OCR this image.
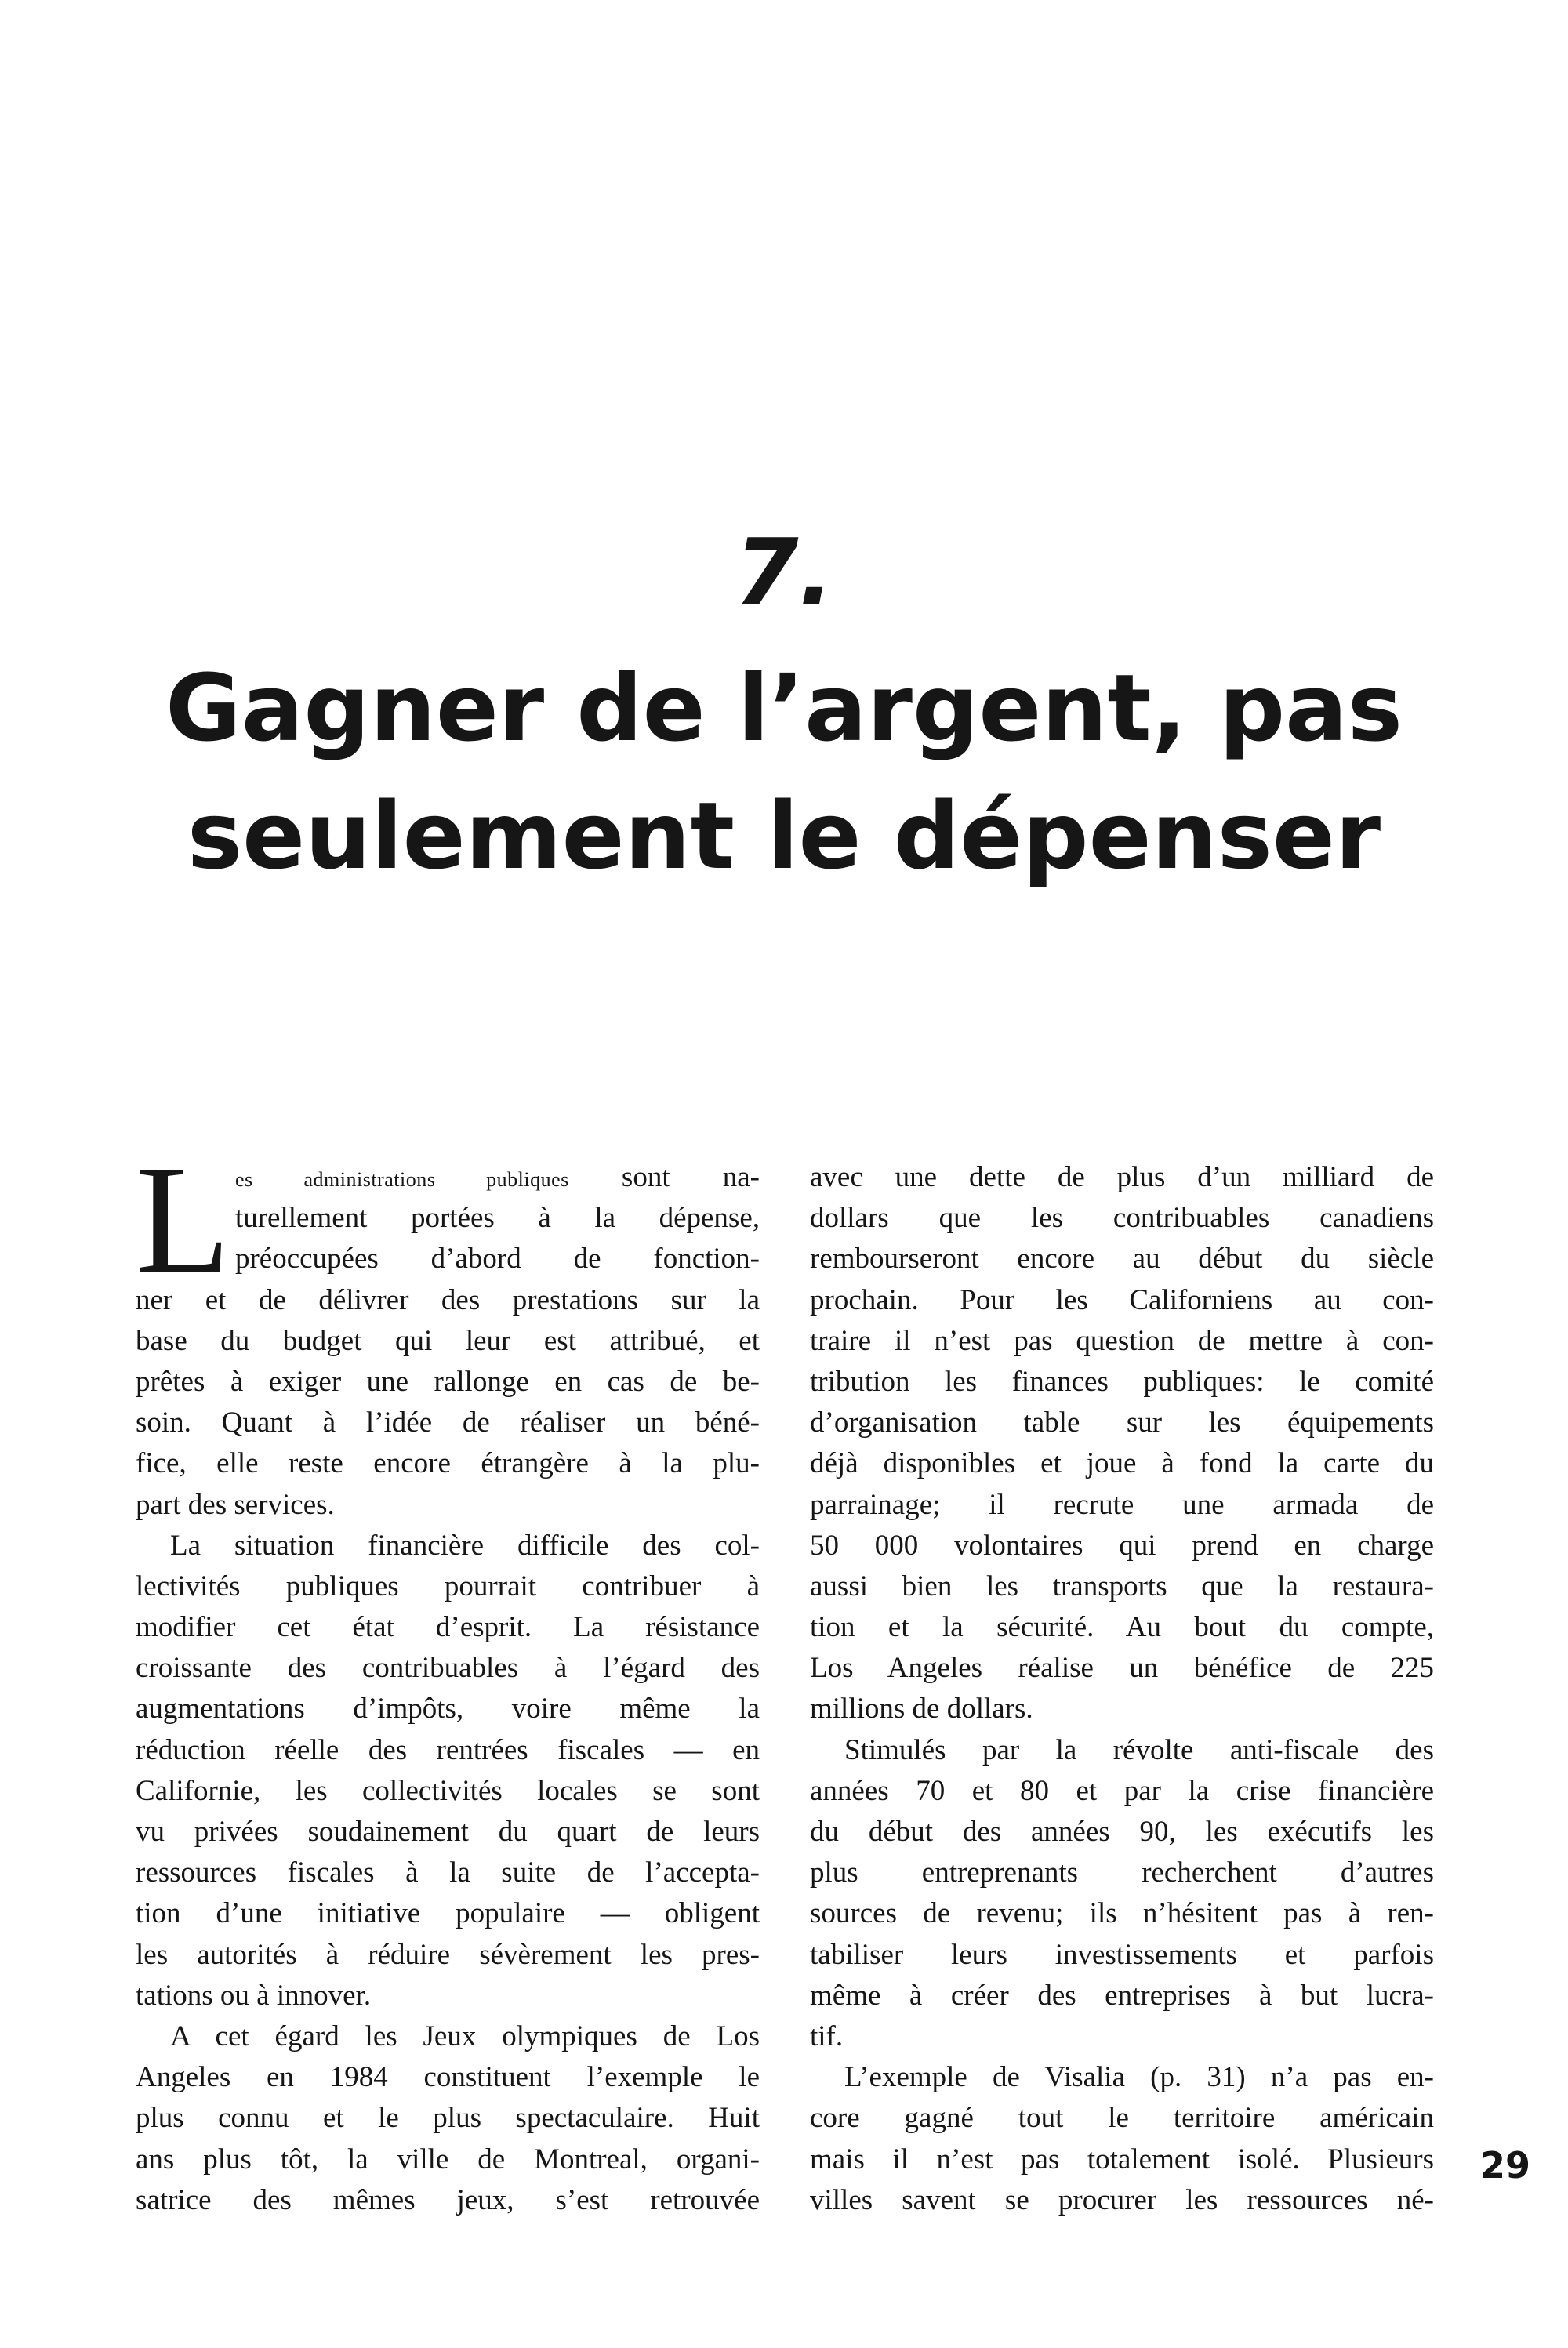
7.
Gagner de l’argent, pas
seulement le dépenser
L es administrations publiques sont na-
turellement portées à la dépense,
préoccupées d’abord de fonction-
ner et de délivrer des prestations sur la
base du budget qui leur est attribué, et
prêtes à exiger une rallonge en cas de be-
soin. Quant à l’idée de réaliser un béné-
fice, elle reste encore étrangère à la plu-
part des services.
La situation financière difficile des col-
lectivités publiques pourrait contribuer à
modifier cet état d’esprit. La résistance
croissante des contribuables à l’égard des
augmentations d’impôts, voire même la
réduction réelle des rentrées fiscales — en
Californie, les collectivités locales se sont
vu privées soudainement du quart de leurs
ressources fiscales à la suite de l’accepta-
tion d’une initiative populaire — obligent
les autorités à réduire sévèrement les pres-
tations ou à innover.
A cet égard les Jeux olympiques de Los
Angeles en 1984 constituent l’exemple le
plus connu et le plus spectaculaire. Huit
ans plus tôt, la ville de Montreal, organi-
satrice des mêmes jeux, s’est retrouvée
avec une dette de plus d’un milliard de
dollars que les contribuables canadiens
rembourseront encore au début du siècle
prochain. Pour les Californiens au con-
traire il n’est pas question de mettre à con-
tribution les finances publiques: le comité
d’organisation table sur les équipements
déjà disponibles et joue à fond la carte du
parrainage; il recrute une armada de
50 000 volontaires qui prend en charge
aussi bien les transports que la restaura-
tion et la sécurité. Au bout du compte,
Los Angeles réalise un bénéfice de 225
millions de dollars.
Stimulés par la révolte anti-fiscale des
années 70 et 80 et par la crise financière
du début des années 90, les exécutifs les
plus entreprenants recherchent d’autres
sources de revenu; ils n’hésitent pas à ren-
tabiliser leurs investissements et parfois
même à créer des entreprises à but lucra-
tif.
L’exemple de Visalia (p. 31) n’a pas en-
core gagné tout le territoire américain
mais il n’est pas totalement isolé. Plusieurs
villes savent se procurer les ressources né-
29
